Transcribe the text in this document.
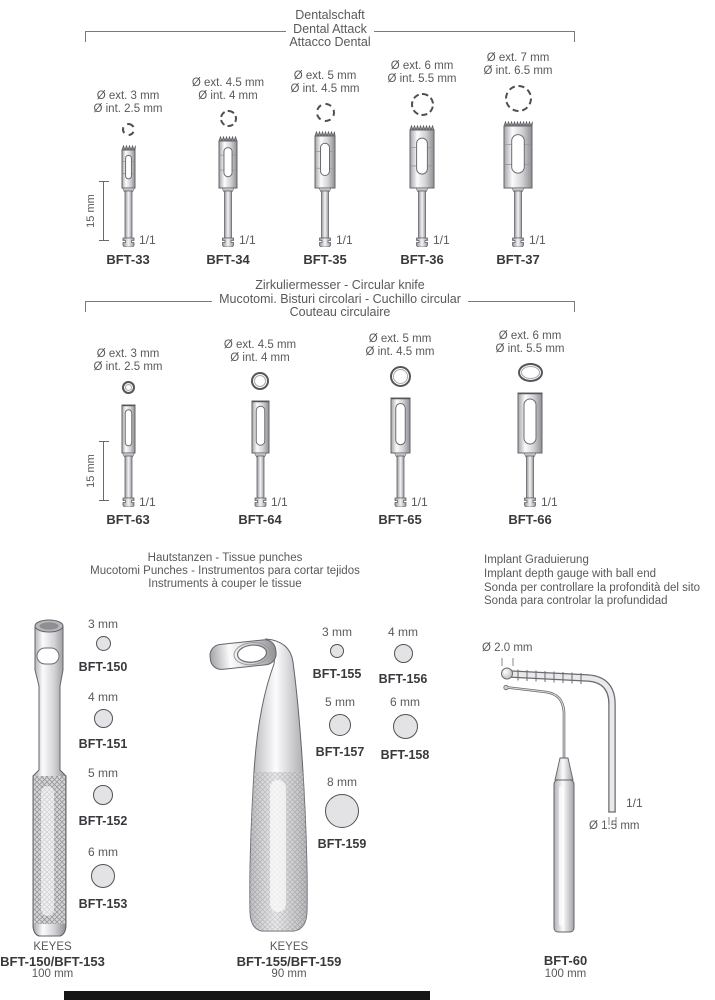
Dentalschaft
Dental Attack
Attacco Dental
15 mm
Ø ext. 3 mm
Ø int. 2.5 mm
1/1
BFT-33
Ø ext. 4.5 mm
Ø int. 4 mm
1/1
BFT-34
Ø ext. 5 mm
Ø int. 4.5 mm
1/1
BFT-35
Ø ext. 6 mm
Ø int. 5.5 mm
1/1
BFT-36
Ø ext. 7 mm
Ø int. 6.5 mm
1/1
BFT-37
Zirkuliermesser - Circular knife
Mucotomi. Bisturi circolari - Cuchillo circular
Couteau circulaire
15 mm
Ø ext. 3 mm
Ø int. 2.5 mm
1/1
BFT-63
Ø ext. 4.5 mm
Ø int. 4 mm
1/1
BFT-64
Ø ext. 5 mm
Ø int. 4.5 mm
1/1
BFT-65
Ø ext. 6 mm
Ø int. 5.5 mm
1/1
BFT-66
Hautstanzen - Tissue punches
Mucotomi Punches - Instrumentos para cortar tejidos
Instruments à couper le tissue
Implant Graduierung
Implant depth gauge with ball end
Sonda per controllare la profondità del sito
Sonda para controlar la profundidad
Ø 2.0 mm
1/1
Ø 1.5 mm
3 mm
BFT-150
4 mm
BFT-151
5 mm
BFT-152
6 mm
BFT-153
3 mm
BFT-155
4 mm
BFT-156
5 mm
BFT-157
6 mm
BFT-158
8 mm
BFT-159
KEYES
BFT-150/BFT-153
100 mm
KEYES
BFT-155/BFT-159
90 mm
BFT-60
100 mm
